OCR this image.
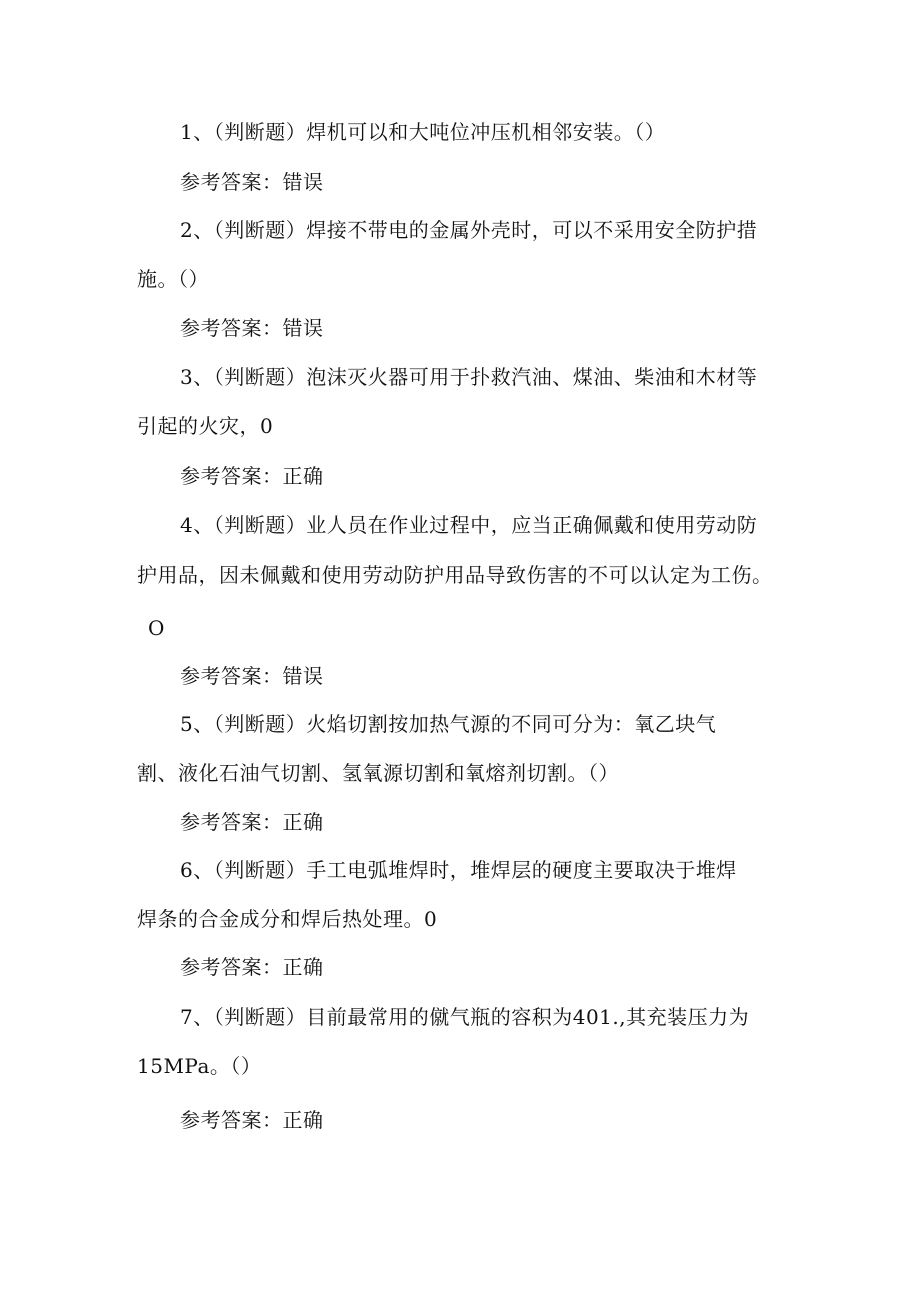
1、（判断题）焊机可以和大吨位冲压机相邻安装。（）
参考答案：错误
2、（判断题）焊接不带电的金属外壳时，可以不采用安全防护措
施。（）
参考答案：错误
3、（判断题）泡沫灭火器可用于扑救汽油、煤油、柴油和木材等
引起的火灾，0
参考答案：正确
4、（判断题）业人员在作业过程中，应当正确佩戴和使用劳动防
护用品，因未佩戴和使用劳动防护用品导致伤害的不可以认定为工伤。
O
参考答案：错误
5、（判断题）火焰切割按加热气源的不同可分为：氧乙块气
割、液化石油气切割、氢氧源切割和氧熔剂切割。（）
参考答案：正确
6、（判断题）手工电弧堆焊时，堆焊层的硬度主要取决于堆焊
焊条的合金成分和焊后热处理。0
参考答案：正确
7、（判断题）目前最常用的僦气瓶的容积为401.,其充装压力为
15MPa。（）
参考答案：正确
